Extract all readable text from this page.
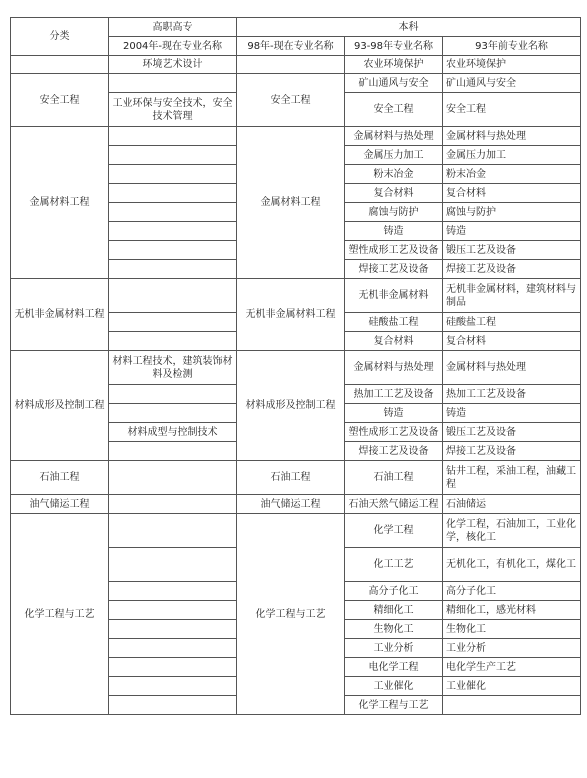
分类	高职高专	本科		
	2004年-现在专业名称	98年-现在专业名称	93-98年专业名称	93年前专业名称
	环境艺术设计		农业环境保护	农业环境保护
安全工程		安全工程	矿山通风与安全	矿山通风与安全
	工业环保与安全技术，安全技术管理		安全工程	安全工程
金属材料工程		金属材料工程	金属材料与热处理	金属材料与热处理
			金属压力加工	金属压力加工
			粉末冶金	粉末冶金
			复合材料	复合材料
			腐蚀与防护	腐蚀与防护
			铸造	铸造
			塑性成形工艺及设备	锻压工艺及设备
			焊接工艺及设备	焊接工艺及设备
无机非金属材料工程		无机非金属材料工程	无机非金属材料	无机非金属材料，建筑材料与制品
			硅酸盐工程	硅酸盐工程
			复合材料	复合材料
材料成形及控制工程	材料工程技术，建筑装饰材料及检测	材料成形及控制工程	金属材料与热处理	金属材料与热处理
			热加工工艺及设备	热加工工艺及设备
			铸造	铸造
	材料成型与控制技术		塑性成形工艺及设备	锻压工艺及设备
			焊接工艺及设备	焊接工艺及设备
石油工程		石油工程	石油工程	钻井工程，采油工程，油藏工程
油气储运工程		油气储运工程	石油天然气储运工程	石油储运
化学工程与工艺		化学工程与工艺	化学工程	化学工程，石油加工，工业化学，核化工
			化工工艺	无机化工，有机化工，煤化工
			高分子化工	高分子化工
			精细化工	精细化工，感光材料
			生物化工	生物化工
			工业分析	工业分析
			电化学工程	电化学生产工艺
			工业催化	工业催化
			化学工程与工艺	
